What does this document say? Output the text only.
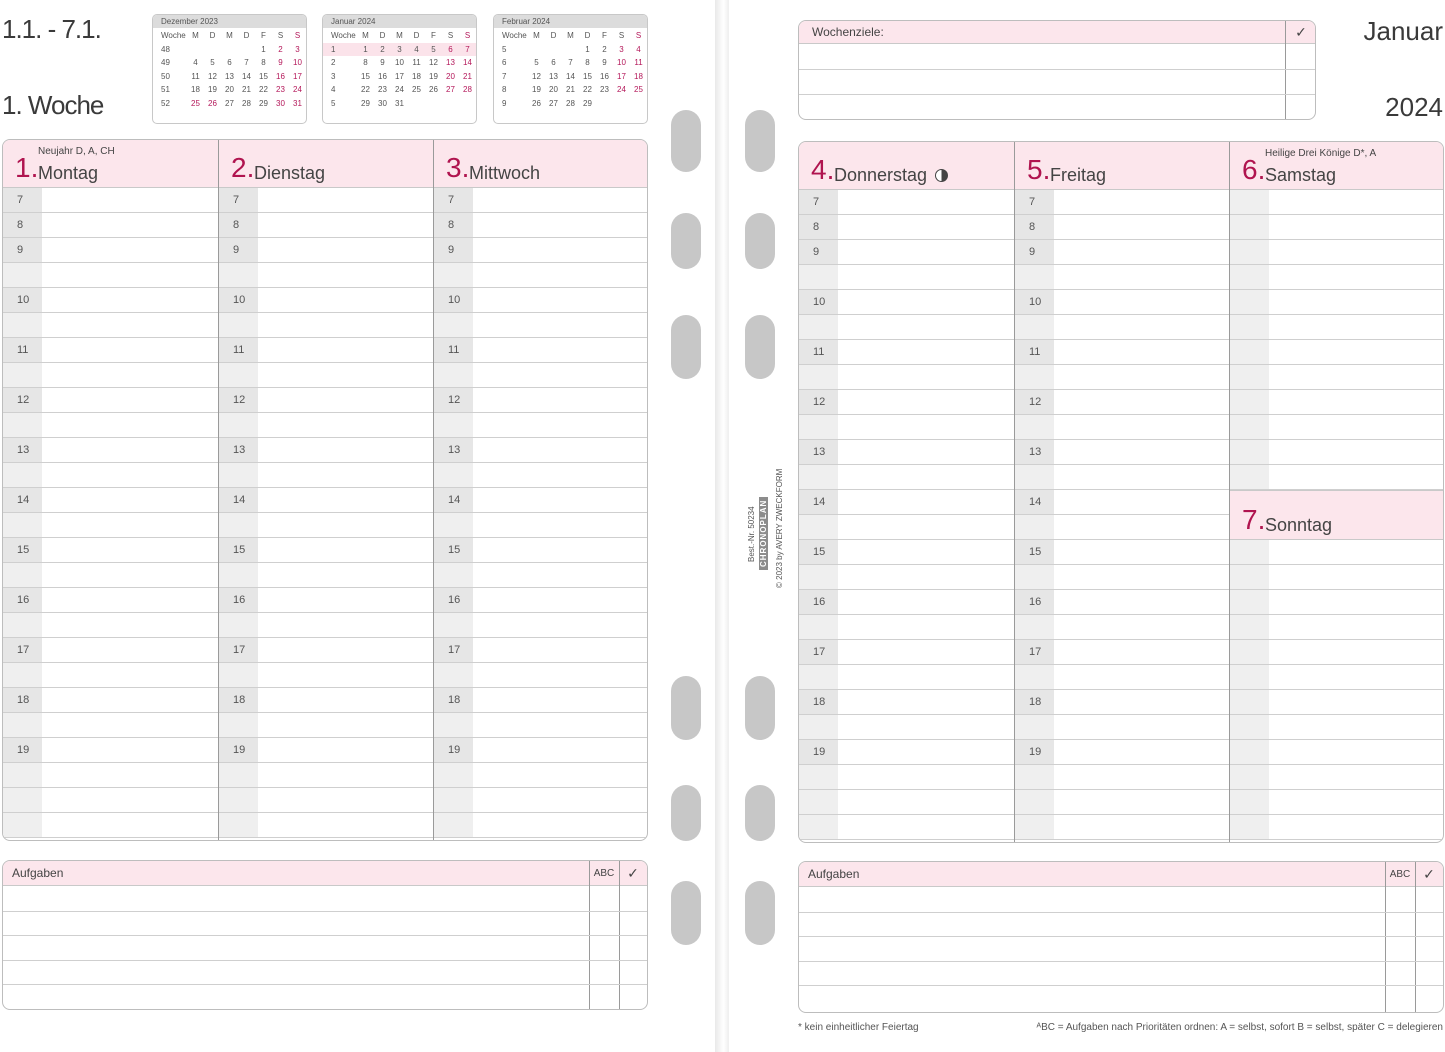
1.1. - 7.1.
1. Woche
Dezember 2023
Woche	M	D	M	D	F	S	S
48					1	2	3
49	4	5	6	7	8	9	10
50	11	12	13	14	15	16	17
51	18	19	20	21	22	23	24
52	25	26	27	28	29	30	31
Januar 2024
Woche	M	D	M	D	F	S	S
1	1	2	3	4	5	6	7
2	8	9	10	11	12	13	14
3	15	16	17	18	19	20	21
4	22	23	24	25	26	27	28
5	29	30	31				
Februar 2024
Woche	M	D	M	D	F	S	S
5				1	2	3	4
6	5	6	7	8	9	10	11
7	12	13	14	15	16	17	18
8	19	20	21	22	23	24	25
9	26	27	28	29			
1. Montag
Neujahr D, A, CH
7
8
9
10
11
12
13
14
15
16
17
18
19
2. Dienstag
7
8
9
10
11
12
13
14
15
16
17
18
19
3. Mittwoch
7
8
9
10
11
12
13
14
15
16
17
18
19
Aufgaben	ABC ✓
Januar
2024
Wochenziele:	✓
4. Donnerstag
7
8
9
10
11
12
13
14
15
16
17
18
19
5. Freitag
7
8
9
10
11
12
13
14
15
16
17
18
19
6. Samstag
Heilige Drei Könige D*, A
7. Sonntag
Aufgaben	ABC ✓
* kein einheitlicher Feiertag	ᴬBC = Aufgaben nach Prioritäten ordnen: A = selbst, sofort B = selbst, später C = delegieren
Best.-Nr. 50234 CHRONOPLAN © 2023 by AVERY ZWECKFORM
